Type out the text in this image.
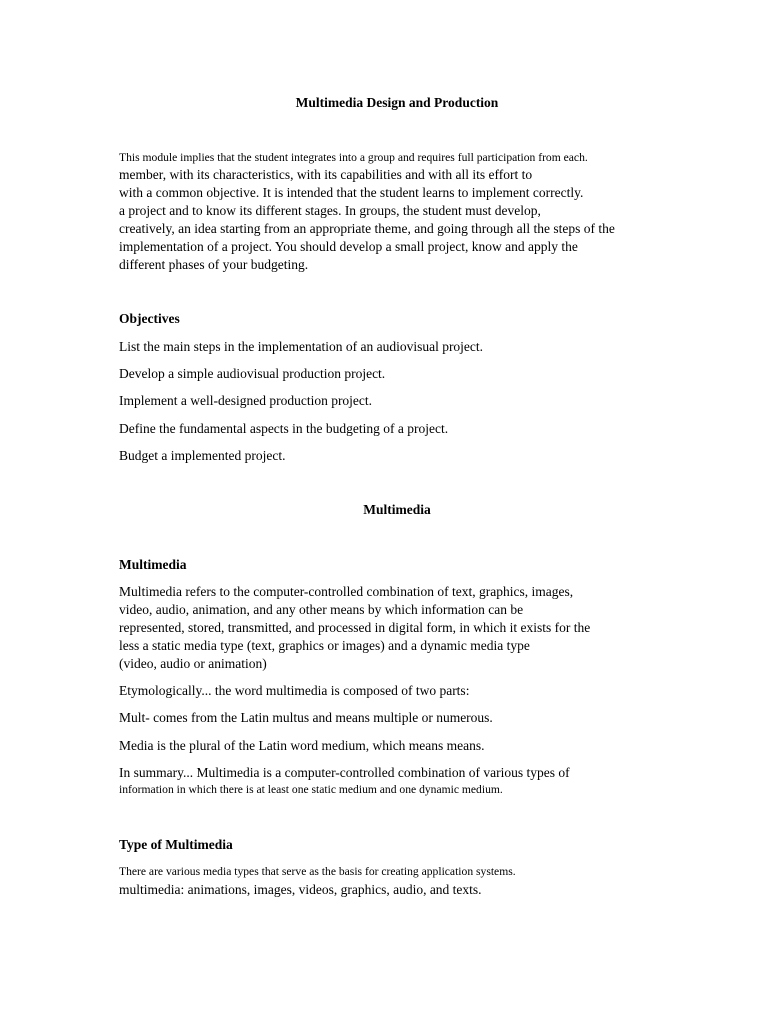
Multimedia Design and Production
This module implies that the student integrates into a group and requires full participation from each.
member, with its characteristics, with its capabilities and with all its effort to
with a common objective. It is intended that the student learns to implement correctly.
a project and to know its different stages. In groups, the student must develop,
creatively, an idea starting from an appropriate theme, and going through all the steps of the
implementation of a project. You should develop a small project, know and apply the
different phases of your budgeting.
Objectives
List the main steps in the implementation of an audiovisual project.
Develop a simple audiovisual production project.
Implement a well-designed production project.
Define the fundamental aspects in the budgeting of a project.
Budget a implemented project.
Multimedia
Multimedia
Multimedia refers to the computer-controlled combination of text, graphics, images,
video, audio, animation, and any other means by which information can be
represented, stored, transmitted, and processed in digital form, in which it exists for the
less a static media type (text, graphics or images) and a dynamic media type
(video, audio or animation)
Etymologically... the word multimedia is composed of two parts:
Mult- comes from the Latin multus and means multiple or numerous.
Media is the plural of the Latin word medium, which means means.
In summary... Multimedia is a computer-controlled combination of various types of
information in which there is at least one static medium and one dynamic medium.
Type of Multimedia
There are various media types that serve as the basis for creating application systems.
multimedia: animations, images, videos, graphics, audio, and texts.
